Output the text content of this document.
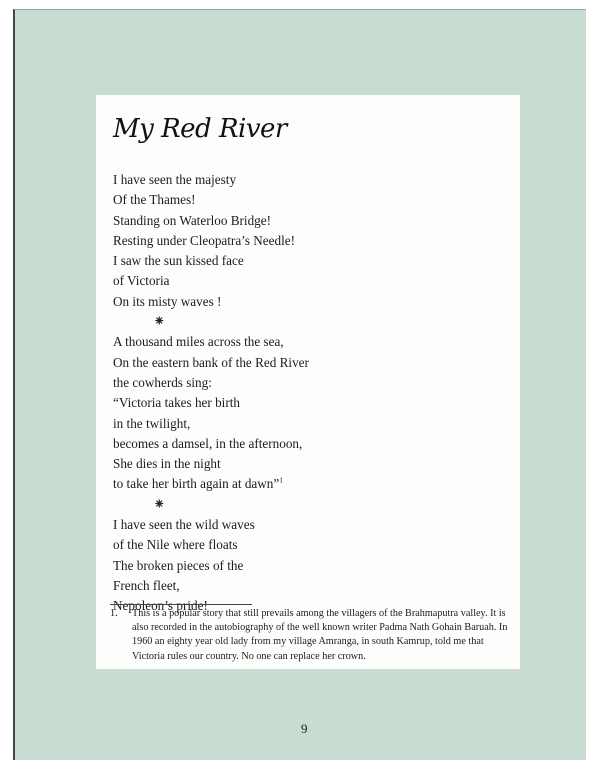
My Red River
I have seen the majesty
Of the Thames!
Standing on Waterloo Bridge!
Resting under Cleopatra’s Needle!
I saw the sun kissed face
of Victoria
On its misty waves !
⁕
A thousand miles across the sea,
On the eastern bank of the Red River
the cowherds sing:
“Victoria takes her birth
in the twilight,
becomes a damsel, in the afternoon,
She dies in the night
to take her birth again at dawn”$^1$
⁕
I have seen the wild waves
of the Nile where floats
The broken pieces of the
French fleet,
Nepoleon’s pride!
1.	This is a popular story that still prevails among the villagers of the Brahmaputra valley. It is also recorded in the autobiography of the well known writer Padma Nath Gohain Baruah. In 1960 an eighty year old lady from my village Amranga, in south Kamrup, told me that Victoria rules our country. No one can replace her crown.
9
